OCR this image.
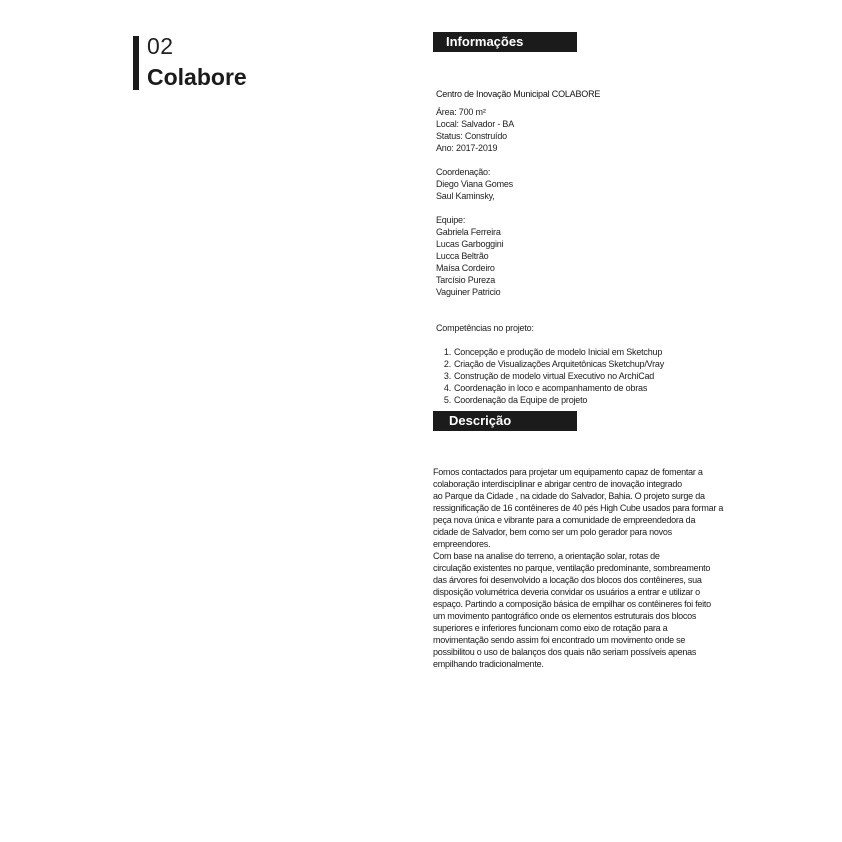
02
Colabore
Informações
Centro de Inovação Municipal COLABORE
Área: 700 m²
Local: Salvador - BA
Status: Construído
Ano: 2017-2019
Coordenação:
Diego Viana Gomes
Saul Kaminsky,
Equipe:
Gabriela Ferreira
Lucas Garboggini
Lucca Beltrão
Maísa Cordeiro
Tarcísio Pureza
Vaguiner Patricio
Competências no projeto:
1. Concepção e produção de modelo Inicial em Sketchup
2. Criação de Visualizações Arquitetônicas Sketchup/Vray
3. Construção de modelo virtual Executivo no ArchiCad
4. Coordenação in loco e acompanhamento de obras
5. Coordenação da Equipe de projeto
Descrição
Fomos contactados para projetar um equipamento capaz de fomentar a
colaboração interdisciplinar e abrigar centro de inovação integrado
ao Parque da Cidade , na cidade do Salvador, Bahia. O projeto surge da
ressignificação de 16 contêineres de 40 pés High Cube usados para formar a
peça nova única e vibrante para a comunidade de empreendedora da
cidade de Salvador, bem como ser um polo gerador para novos
empreendores.
Com base na analise do terreno, a orientação solar, rotas de
circulação existentes no parque, ventilação predominante, sombreamento
das árvores foi desenvolvido a locação dos blocos dos contêineres, sua
disposição volumétrica deveria convidar os usuários a entrar e utilizar o
espaço. Partindo a composição básica de empilhar os contêineres foi feito
um movimento pantográfico onde os elementos estruturais dos blocos
superiores e inferiores funcionam como eixo de rotação para a
movimentação sendo assim foi encontrado um movimento onde se
possibilitou o uso de balanços dos quais não seriam possíveis apenas
empilhando tradicionalmente.
